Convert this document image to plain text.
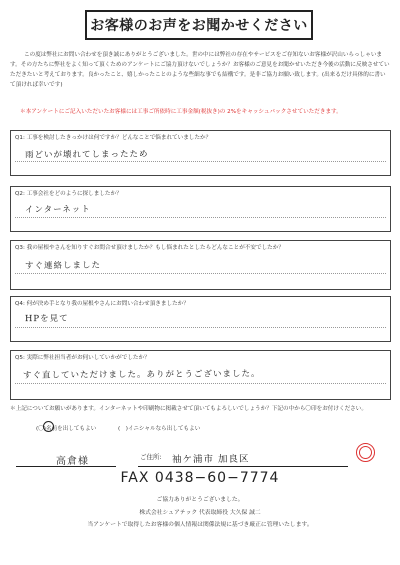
お客様のお声をお聞かせください
この度は弊社にお問い合わせを頂き誠にありがとうございました。世の中には弊社の存在やサービスをご存知ないお客様が沢山いらっしゃいます。その方たちに弊社をよく知って頂くためのアンケートにご協力頂けないでしょうか？お客様のご意見をお聞かせいただき今後の活動に反映させていただきたいと考えております。良かったこと、嬉しかったことのような些細な事でも結構です。是非ご協力お願い致します。(出来るだけ具体的に書いて頂ければ幸いです)
＊本アンケートにご記入いただいたお客様には工事ご所依時に工事金額(税抜き)の 2%をキャッシュバックさせていただきます。
Q1: 工事を検討したきっかけは何ですか？どんなことで悩まれていましたか？
雨どいが壊れてしまったため
Q2: 工事会社をどのように探しましたか？
インターネット
Q3: 我の屋根やさんを知りすぐお問合せ頂けましたか？もし悩まれたとしたらどんなことが不安でしたか？
すぐ連絡しました
Q4: 何が決め手となり我の屋根やさんにお問い合わせ頂きましたか？
HPを見て
Q5: 実際に弊社担当者がお伺いしていかがでしたか？
すぐ直していただけました。ありがとうございました。
＊上記についてお願いがあります。インターネットや印刷物に掲載させて頂いてもよろしいでしょうか？下記の中から〇印をお付けください。
(〇)名前を出してもよい	(　)イニシャルなら出してもよい
高倉様	ご住所: 袖ケ浦市 加良区
FAX 0438−60−7774
ご協力ありがとうございました。
株式会社シュアテック 代表取締役 大久保 誠二
当アンケートで取得したお客様の個人情報は関係法規に基づき厳正に管理いたします。
